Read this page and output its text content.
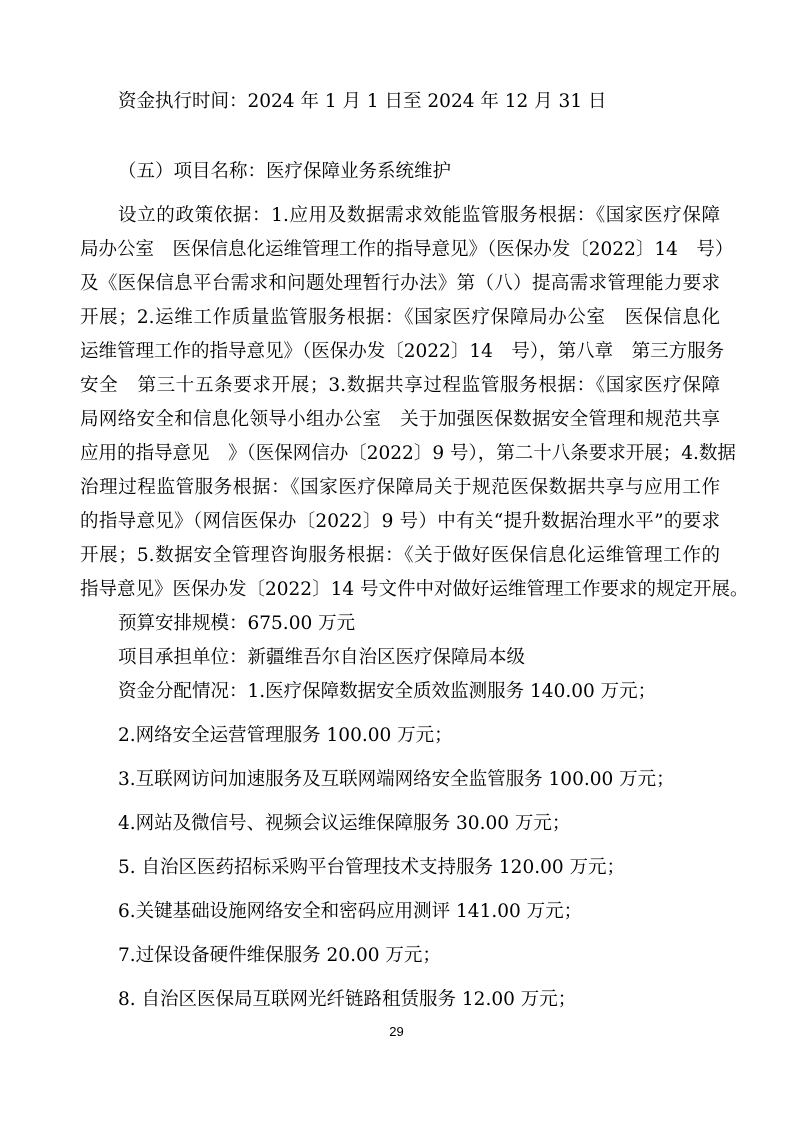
资金执行时间：2024 年 1 月 1 日至 2024 年 12 月 31 日
（五）项目名称：医疗保障业务系统维护
设立的政策依据：1.应用及数据需求效能监管服务根据：《国家医疗保障
局办公室　医保信息化运维管理工作的指导意见》（医保办发〔2022〕14　号）
及《医保信息平台需求和问题处理暂行办法》第（八）提高需求管理能力要求
开展；2.运维工作质量监管服务根据：《国家医疗保障局办公室　医保信息化
运维管理工作的指导意见》（医保办发〔2022〕14　号），第八章　第三方服务
安全　第三十五条要求开展；3.数据共享过程监管服务根据：《国家医疗保障
局网络安全和信息化领导小组办公室　关于加强医保数据安全管理和规范共享
应用的指导意见　》（医保网信办〔2022〕9 号），第二十八条要求开展；4.数据
治理过程监管服务根据：《国家医疗保障局关于规范医保数据共享与应用工作
的指导意见》（网信医保办〔2022〕9 号）中有关“提升数据治理水平”的要求
开展；5.数据安全管理咨询服务根据：《关于做好医保信息化运维管理工作的
指导意见》医保办发〔2022〕14 号文件中对做好运维管理工作要求的规定开展。
预算安排规模：675.00 万元
项目承担单位：新疆维吾尔自治区医疗保障局本级
资金分配情况：1.医疗保障数据安全质效监测服务 140.00 万元；
2.网络安全运营管理服务 100.00 万元；
3.互联网访问加速服务及互联网端网络安全监管服务 100.00 万元；
4.网站及微信号、视频会议运维保障服务 30.00 万元；
5. 自治区医药招标采购平台管理技术支持服务 120.00 万元；
6.关键基础设施网络安全和密码应用测评 141.00 万元；
7.过保设备硬件维保服务 20.00 万元；
8. 自治区医保局互联网光纤链路租赁服务 12.00 万元；
29
